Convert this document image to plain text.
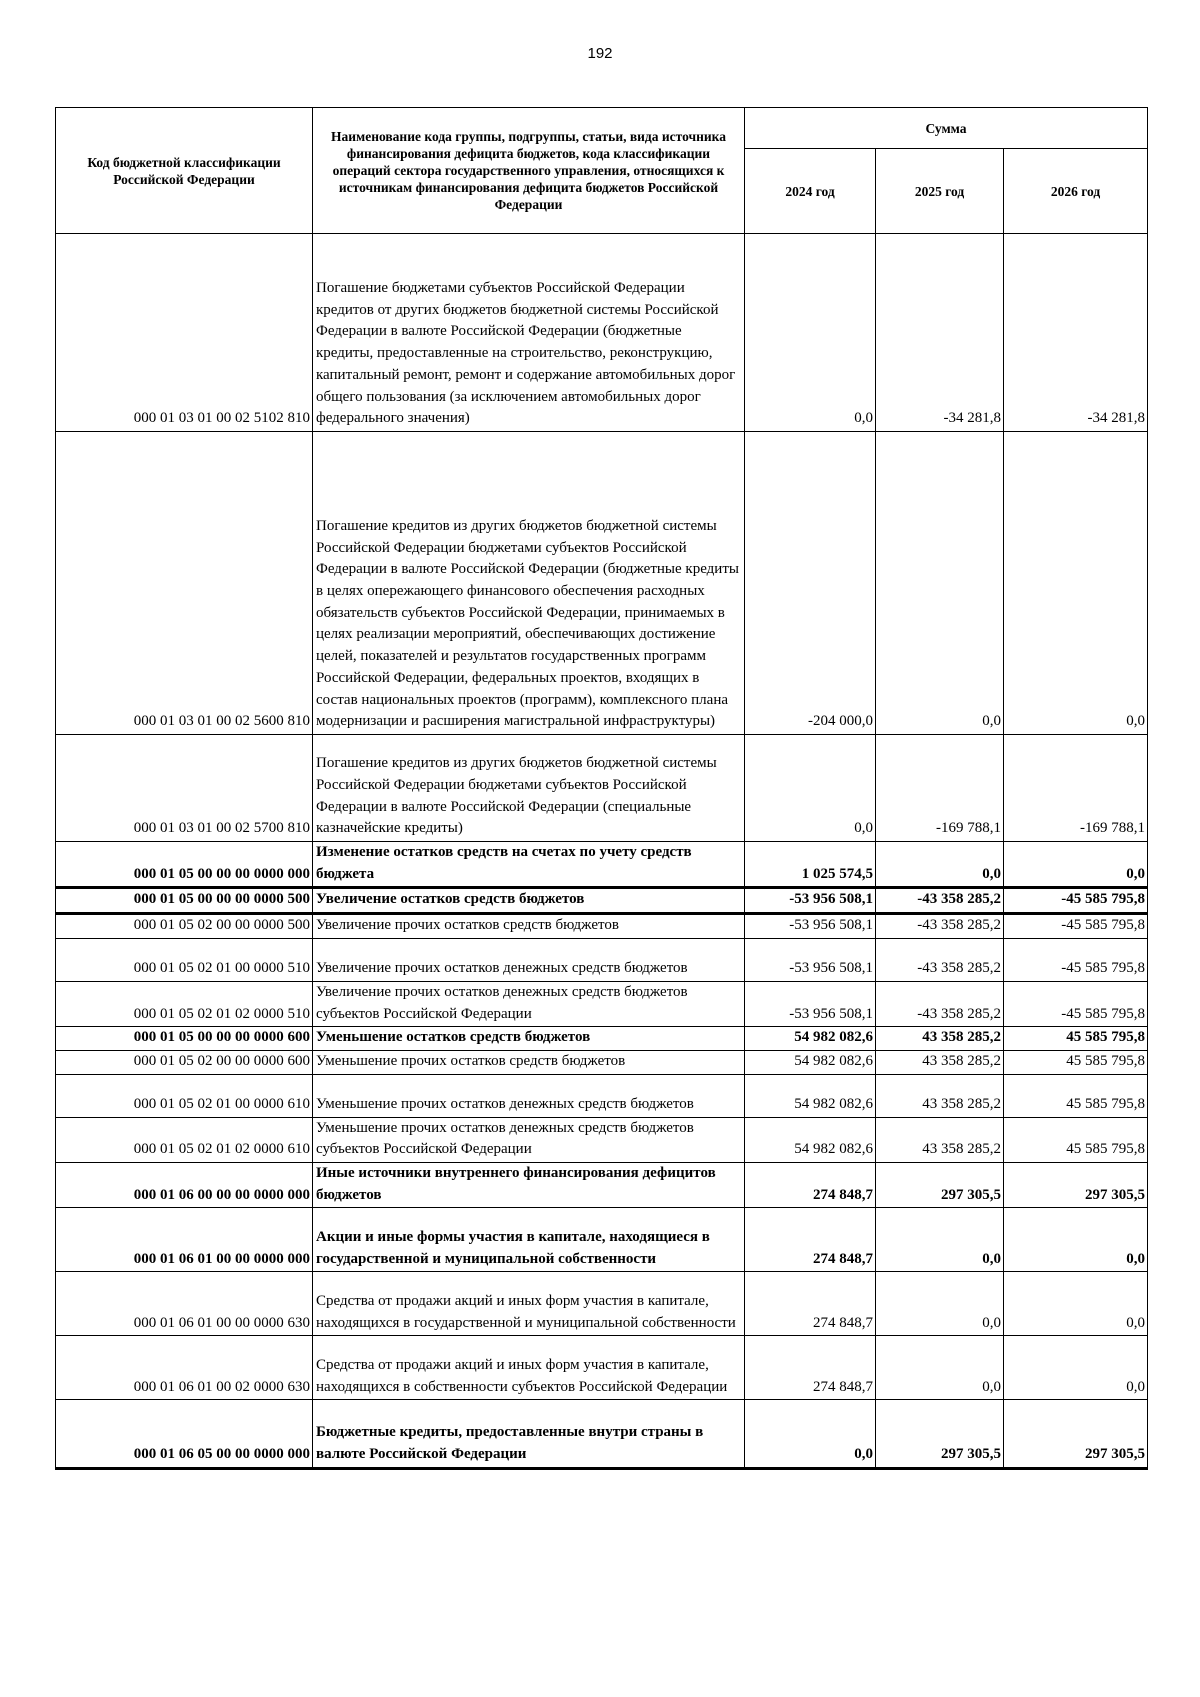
192
Код бюджетной классификации Российской Федерации	Наименование кода группы, подгруппы, статьи, вида источника финансирования дефицита бюджетов, кода классификации операций сектора государственного управления, относящихся к источникам финансирования дефицита бюджетов Российской Федерации	Сумма		
		2024 год	2025 год	2026 год
000 01 03 01 00 02 5102 810	Погашение бюджетами субъектов Российской Федерации кредитов от других бюджетов бюджетной системы Российской Федерации в валюте Российской Федерации (бюджетные кредиты, предоставленные на строительство, реконструкцию, капитальный ремонт, ремонт и содержание автомобильных дорог общего пользования (за исключением автомобильных дорог федерального значения)	0,0	-34 281,8	-34 281,8
000 01 03 01 00 02 5600 810	Погашение кредитов из других бюджетов бюджетной системы Российской Федерации бюджетами субъектов Российской Федерации в валюте Российской Федерации (бюджетные кредиты в целях опережающего финансового обеспечения расходных обязательств субъектов Российской Федерации, принимаемых в целях реализации мероприятий, обеспечивающих достижение целей, показателей и результатов государственных программ Российской Федерации, федеральных проектов, входящих в состав национальных проектов (программ), комплексного плана модернизации и расширения магистральной инфраструктуры)	-204 000,0	0,0	0,0
000 01 03 01 00 02 5700 810	Погашение кредитов из других бюджетов бюджетной системы Российской Федерации бюджетами субъектов Российской Федерации в валюте Российской Федерации (специальные казначейские кредиты)	0,0	-169 788,1	-169 788,1
000 01 05 00 00 00 0000 000	Изменение остатков средств на счетах по учету средств бюджета	1 025 574,5	0,0	0,0
000 01 05 00 00 00 0000 500	Увеличение остатков средств бюджетов	-53 956 508,1	-43 358 285,2	-45 585 795,8
000 01 05 02 00 00 0000 500	Увеличение прочих остатков средств бюджетов	-53 956 508,1	-43 358 285,2	-45 585 795,8
000 01 05 02 01 00 0000 510	Увеличение прочих остатков денежных средств бюджетов	-53 956 508,1	-43 358 285,2	-45 585 795,8
000 01 05 02 01 02 0000 510	Увеличение прочих остатков денежных средств бюджетов субъектов Российской Федерации	-53 956 508,1	-43 358 285,2	-45 585 795,8
000 01 05 00 00 00 0000 600	Уменьшение остатков средств бюджетов	54 982 082,6	43 358 285,2	45 585 795,8
000 01 05 02 00 00 0000 600	Уменьшение прочих остатков средств бюджетов	54 982 082,6	43 358 285,2	45 585 795,8
000 01 05 02 01 00 0000 610	Уменьшение прочих остатков денежных средств бюджетов	54 982 082,6	43 358 285,2	45 585 795,8
000 01 05 02 01 02 0000 610	Уменьшение прочих остатков денежных средств бюджетов субъектов Российской Федерации	54 982 082,6	43 358 285,2	45 585 795,8
000 01 06 00 00 00 0000 000	Иные источники внутреннего финансирования дефицитов бюджетов	274 848,7	297 305,5	297 305,5
000 01 06 01 00 00 0000 000	Акции и иные формы участия в капитале, находящиеся в государственной и муниципальной собственности	274 848,7	0,0	0,0
000 01 06 01 00 00 0000 630	Средства от продажи акций и иных форм участия в капитале, находящихся в государственной и муниципальной собственности	274 848,7	0,0	0,0
000 01 06 01 00 02 0000 630	Средства от продажи акций и иных форм участия в капитале, находящихся в собственности субъектов Российской Федерации	274 848,7	0,0	0,0
000 01 06 05 00 00 0000 000	Бюджетные кредиты, предоставленные внутри страны в валюте Российской Федерации	0,0	297 305,5	297 305,5
